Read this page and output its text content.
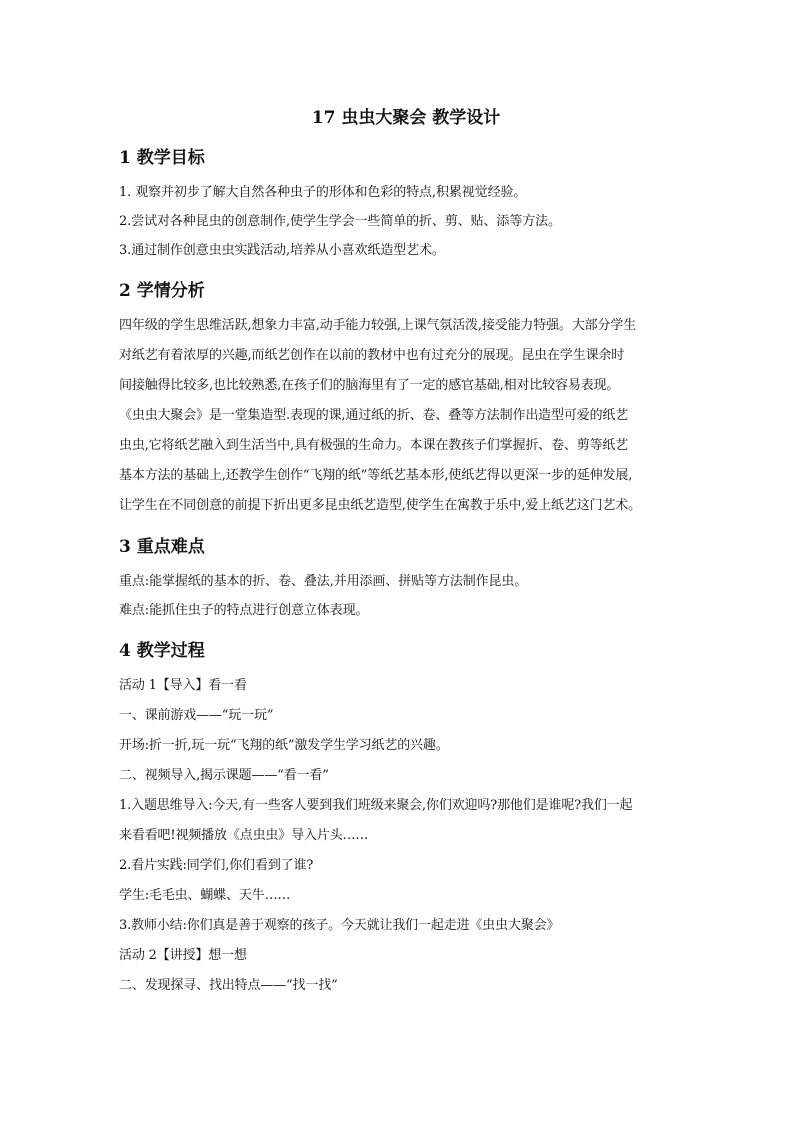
17 虫虫大聚会 教学设计
1 教学目标

1. 观察并初步了解大自然各种虫子的形体和色彩的特点,积累视觉经验。

2.尝试对各种昆虫的创意制作,使学生学会一些简单的折、剪、贴、添等方法。

3.通过制作创意虫虫实践活动,培养从小喜欢纸造型艺术。

2 学情分析

四年级的学生思维活跃,想象力丰富,动手能力较强,上课气氛活泼,接受能力特强。大部分学生
对纸艺有着浓厚的兴趣,而纸艺创作在以前的教材中也有过充分的展现。昆虫在学生课余时
间接触得比较多,也比较熟悉,在孩子们的脑海里有了一定的感官基础,相对比较容易表现。
《虫虫大聚会》是一堂集造型.表现的课,通过纸的折、卷、叠等方法制作出造型可爱的纸艺
虫虫,它将纸艺融入到生活当中,具有极强的生命力。本课在教孩子们掌握折、卷、剪等纸艺
基本方法的基础上,还教学生创作“飞翔的纸”等纸艺基本形,使纸艺得以更深一步的延伸发展,
让学生在不同创意的前提下折出更多昆虫纸艺造型,使学生在寓教于乐中,爱上纸艺这门艺术。

3 重点难点

重点:能掌握纸的基本的折、卷、叠法,并用添画、拼贴等方法制作昆虫。

难点:能抓住虫子的特点进行创意立体表现。

4 教学过程

活动 1【导入】看一看
一、课前游戏——“玩一玩”
开场:折一折,玩一玩“飞翔的纸”激发学生学习纸艺的兴趣。
二、视频导入,揭示课题——“看一看”
1.入题思维导入:今天,有一些客人要到我们班级来聚会,你们欢迎吗?那他们是谁呢?我们一起
来看看吧!视频播放《点虫虫》导入片头……
2.看片实践:同学们,你们看到了谁?
学生:毛毛虫、蝴蝶、天牛……
3.教师小结:你们真是善于观察的孩子。今天就让我们一起走进《虫虫大聚会》
活动 2【讲授】想一想
二、发现探寻、找出特点——“找一找”
